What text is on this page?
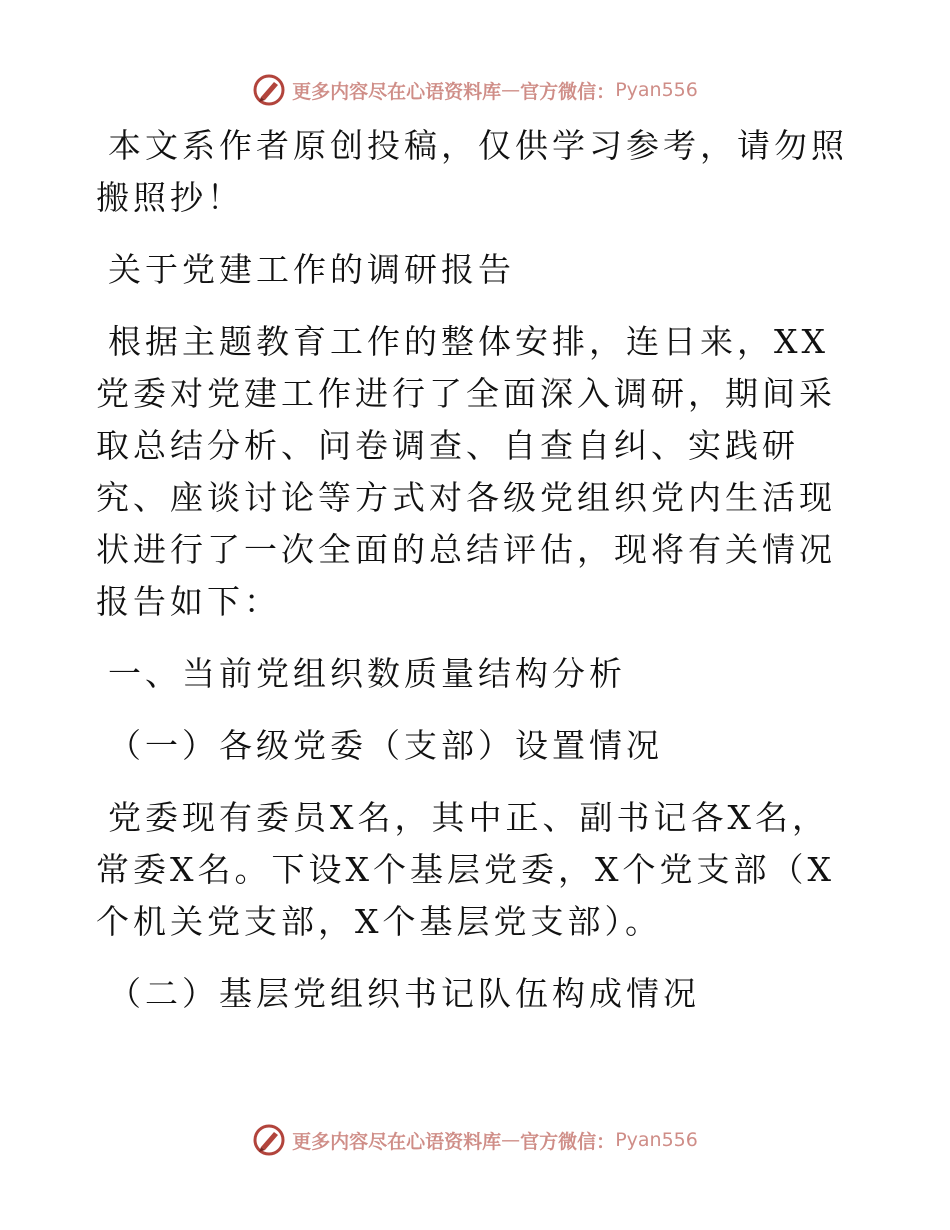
更多内容尽在心语资料库 — 官方微信： Pyan556

本文系作者原创投稿，仅供学习参考，请勿照搬照抄！

关于党建工作的调研报告

根据主题教育工作的整体安排，连日来，XX党委对党建工作进行了全面深入调研，期间采取总结分析、问卷调查、自查自纠、实践研究、座谈讨论等方式对各级党组织党内生活现状进行了一次全面的总结评估，现将有关情况报告如下：

一、当前党组织数质量结构分析

（一）各级党委（支部）设置情况

党委现有委员X名，其中正、副书记各X名，常委X名。下设X个基层党委，X个党支部（X个机关党支部，X个基层党支部）。

（二）基层党组织书记队伍构成情况

更多内容尽在心语资料库 — 官方微信： Pyan556
